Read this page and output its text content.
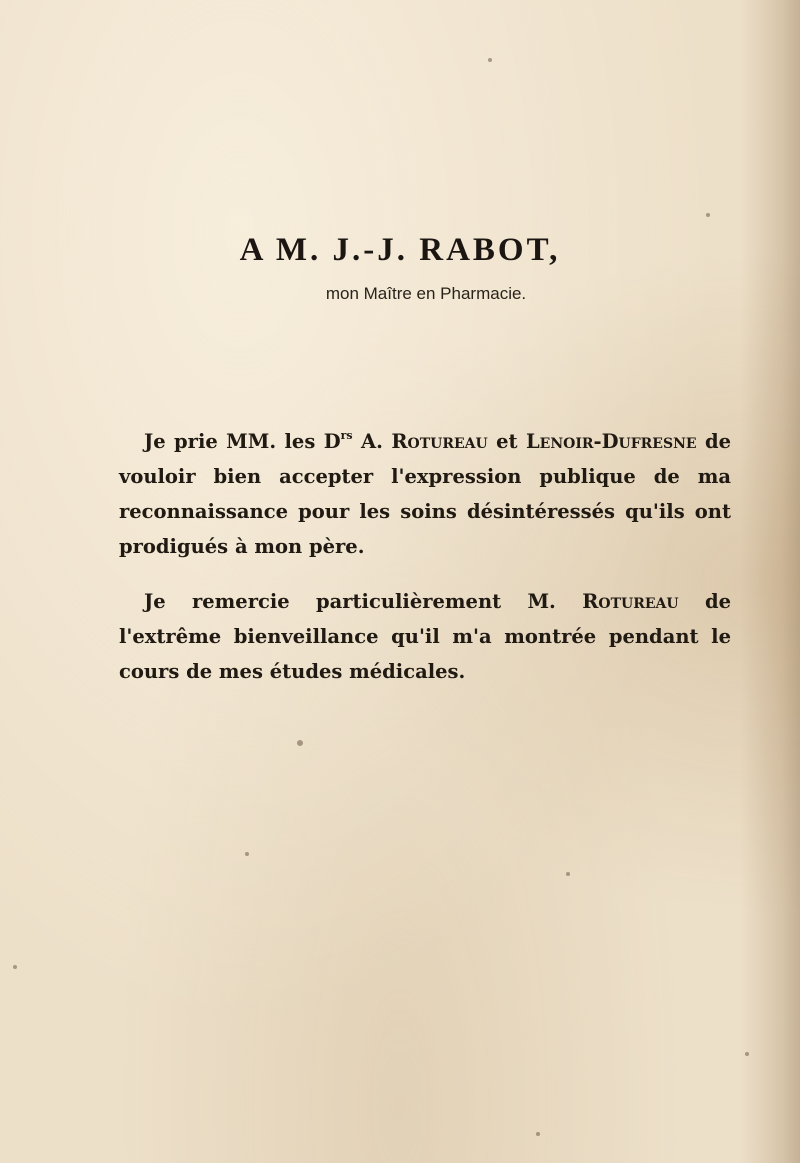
A M. J.-J. RABOT,
mon Maître en Pharmacie.
Je prie MM. les $D^{rs}$ A. Rotureau et Lenoir-Dufresne de vouloir bien accepter l'expression publique de ma reconnaissance pour les soins désintéressés qu'ils ont prodigués à mon père.
Je remercie particulièrement M. Rotureau de l'extrême bienveillance qu'il m'a montrée pendant le cours de mes études médicales.
